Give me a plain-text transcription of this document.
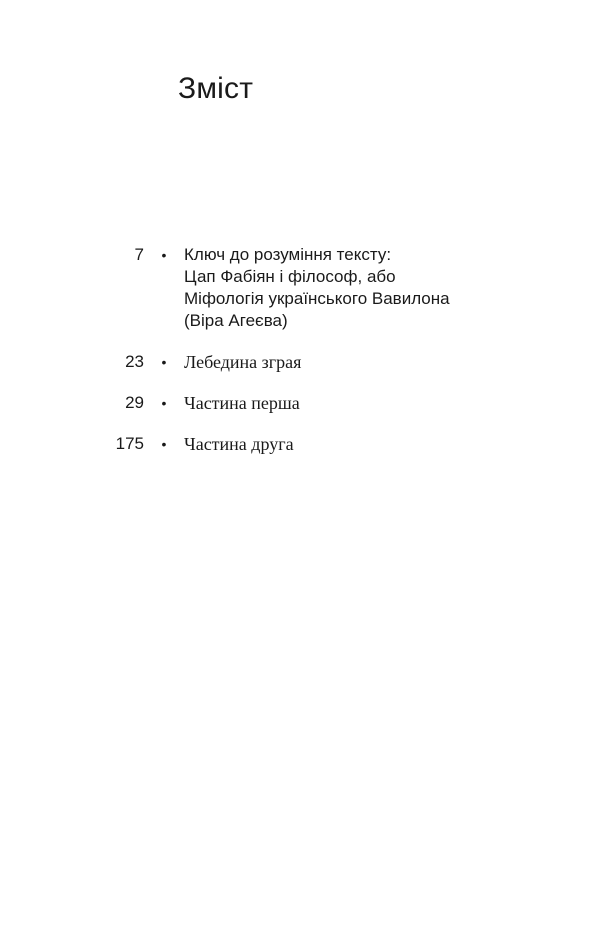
Зміст
7	•	Ключ до розуміння тексту:
Цап Фабіян і філософ, або
Міфологія українського Вавилона
(Віра Агеєва)
23	• Лебедина зграя
29	• Частина перша
175	• Частина друга
